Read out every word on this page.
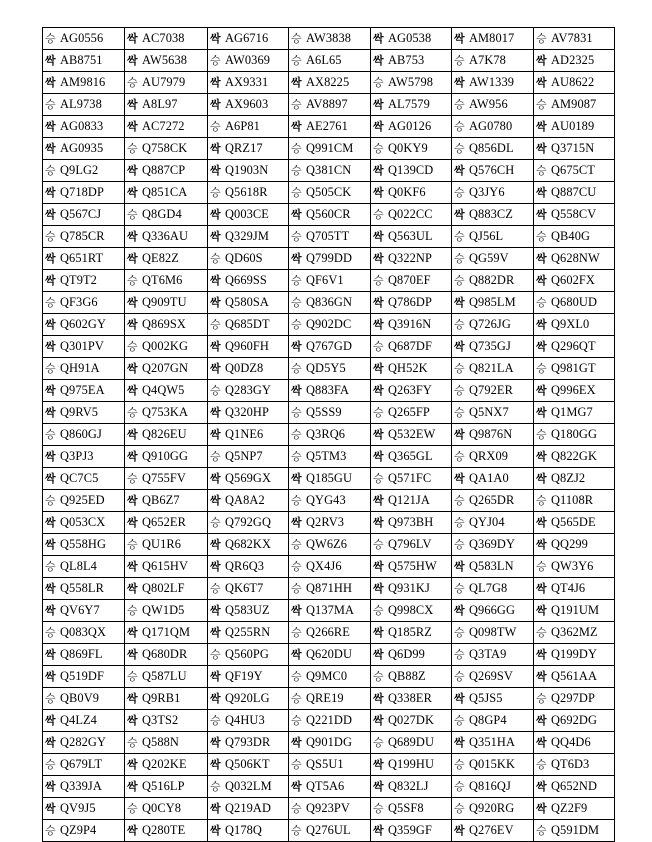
승 AG0556	싹 AC7038	싹 AG6716	승 AW3838	싹 AG0538	싹 AM8017	승 AV7831
싹 AB8751	싹 AW5638	승 AW0369	승 A6L65	싹 AB753	승 A7K78	싹 AD2325
싹 AM9816	승 AU7979	싹 AX9331	싹 AX8225	승 AW5798	싹 AW1339	싹 AU8622
승 AL9738	싹 A8L97	싹 AX9603	승 AV8897	싹 AL7579	승 AW956	승 AM9087
싹 AG0833	싹 AC7272	승 A6P81	싹 AE2761	싹 AG0126	승 AG0780	싹 AU0189
싹 AG0935	승 Q758CK	싹 QRZ17	승 Q991CM	승 Q0KY9	승 Q856DL	싹 Q3715N
승 Q9LG2	싹 Q887CP	싹 Q1903N	승 Q381CN	싹 Q139CD	싹 Q576CH	승 Q675CT
싹 Q718DP	싹 Q851CA	승 Q5618R	승 Q505CK	싹 Q0KF6	승 Q3JY6	싹 Q887CU
싹 Q567CJ	승 Q8GD4	싹 Q003CE	싹 Q560CR	승 Q022CC	싹 Q883CZ	싹 Q558CV
승 Q785CR	싹 Q336AU	싹 Q329JM	승 Q705TT	싹 Q563UL	승 QJ56L	승 QB40G
싹 Q651RT	싹 QE82Z	승 QD60S	싹 Q799DD	싹 Q322NP	승 QG59V	싹 Q628NW
싹 QT9T2	승 QT6M6	싹 Q669SS	승 QF6V1	승 Q870EF	승 Q882DR	싹 Q602FX
승 QF3G6	싹 Q909TU	싹 Q580SA	승 Q836GN	싹 Q786DP	싹 Q985LM	승 Q680UD
싹 Q602GY	싹 Q869SX	승 Q685DT	승 Q902DC	싹 Q3916N	승 Q726JG	싹 Q9XL0
싹 Q301PV	승 Q002KG	싹 Q960FH	싹 Q767GD	승 Q687DF	싹 Q735GJ	싹 Q296QT
승 QH91A	싹 Q207GN	싹 Q0DZ8	승 QD5Y5	싹 QH52K	승 Q821LA	승 Q981GT
싹 Q975EA	싹 Q4QW5	승 Q283GY	싹 Q883FA	싹 Q263FY	승 Q792ER	싹 Q996EX
싹 Q9RV5	승 Q753KA	싹 Q320HP	승 Q5SS9	승 Q265FP	승 Q5NX7	싹 Q1MG7
승 Q860GJ	싹 Q826EU	싹 Q1NE6	승 Q3RQ6	싹 Q532EW	싹 Q9876N	승 Q180GG
싹 Q3PJ3	싹 Q910GG	승 Q5NP7	승 Q5TM3	싹 Q365GL	승 QRX09	싹 Q822GK
싹 QC7C5	승 Q755FV	싹 Q569GX	싹 Q185GU	승 Q571FC	싹 QA1A0	싹 Q8ZJ2
승 Q925ED	싹 QB6Z7	싹 QA8A2	승 QYG43	싹 Q121JA	승 Q265DR	승 Q1108R
싹 Q053CX	싹 Q652ER	승 Q792GQ	싹 Q2RV3	싹 Q973BH	승 QYJ04	싹 Q565DE
싹 Q558HG	승 QU1R6	싹 Q682KX	승 QW6Z6	승 Q796LV	승 Q369DY	싹 QQ299
승 QL8L4	싹 Q615HV	싹 QR6Q3	승 QX4J6	싹 Q575HW	싹 Q583LN	승 QW3Y6
싹 Q558LR	싹 Q802LF	승 QK6T7	승 Q871HH	싹 Q931KJ	승 QL7G8	싹 QT4J6
싹 QV6Y7	승 QW1D5	싹 Q583UZ	싹 Q137MA	승 Q998CX	싹 Q966GG	싹 Q191UM
승 Q083QX	싹 Q171QM	싹 Q255RN	승 Q266RE	싹 Q185RZ	승 Q098TW	승 Q362MZ
싹 Q869FL	싹 Q680DR	승 Q560PG	싹 Q620DU	싹 Q6D99	승 Q3TA9	싹 Q199DY
싹 Q519DF	승 Q587LU	싹 QF19Y	승 Q9MC0	승 QB88Z	승 Q269SV	싹 Q561AA
승 QB0V9	싹 Q9RB1	싹 Q920LG	승 QRE19	싹 Q338ER	싹 Q5JS5	승 Q297DP
싹 Q4LZ4	싹 Q3TS2	승 Q4HU3	승 Q221DD	싹 Q027DK	승 Q8GP4	싹 Q692DG
싹 Q282GY	승 Q588N	싹 Q793DR	싹 Q901DG	승 Q689DU	싹 Q351HA	싹 QQ4D6
승 Q679LT	싹 Q202KE	싹 Q506KT	승 QS5U1	싹 Q199HU	승 Q015KK	승 QT6D3
싹 Q339JA	싹 Q516LP	승 Q032LM	싹 QT5A6	싹 Q832LJ	승 Q816QJ	싹 Q652ND
싹 QV9J5	승 Q0CY8	싹 Q219AD	승 Q923PV	승 Q5SF8	승 Q920RG	싹 QZ2F9
승 QZ9P4	싹 Q280TE	싹 Q178Q	승 Q276UL	싹 Q359GF	싹 Q276EV	승 Q591DM
